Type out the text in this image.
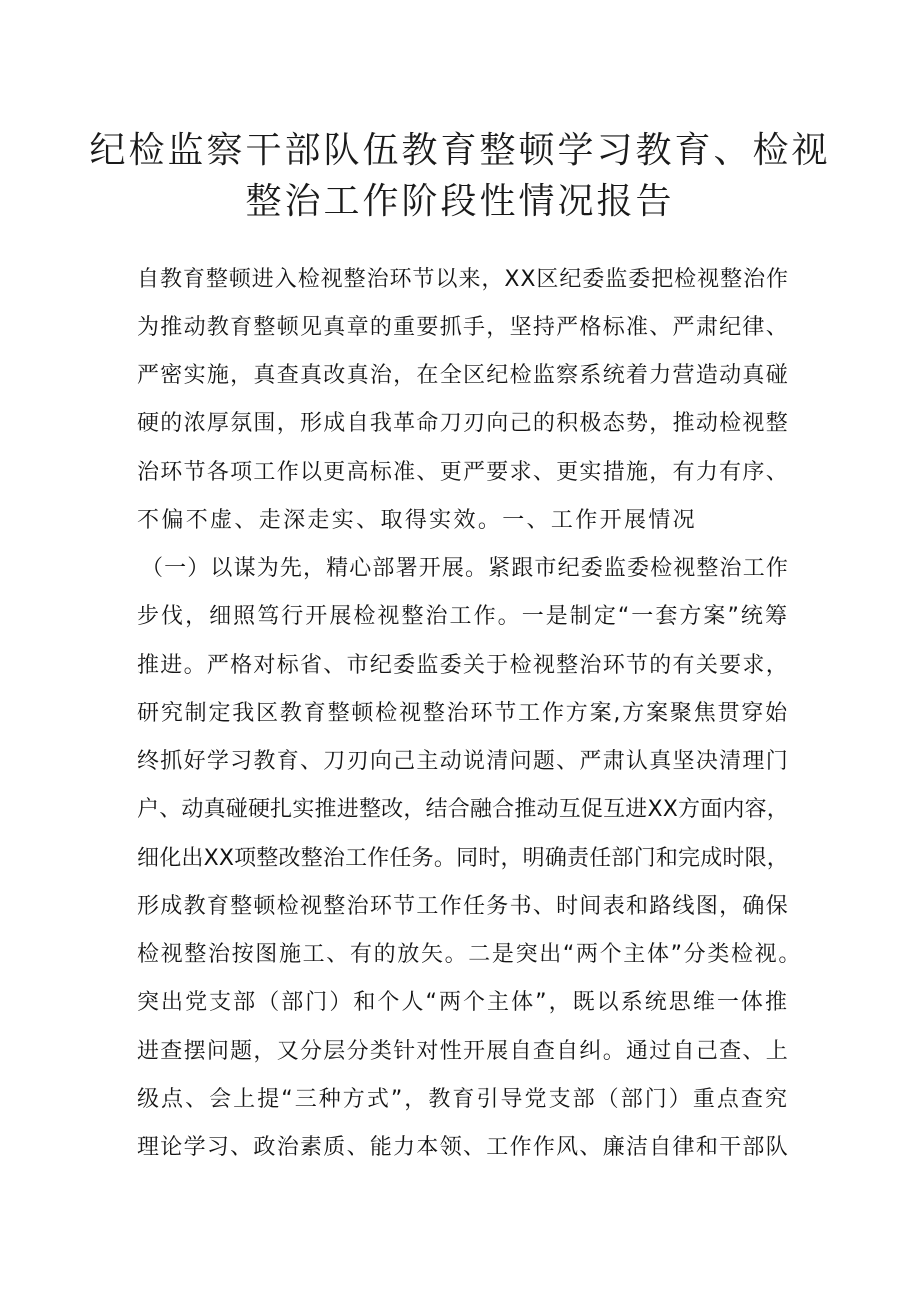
纪检监察干部队伍教育整顿学习教育、检视
整治工作阶段性情况报告
自教育整顿进入检视整治环节以来，XX区纪委监委把检视整治作
为推动教育整顿见真章的重要抓手，坚持严格标准、严肃纪律、
严密实施，真查真改真治，在全区纪检监察系统着力营造动真碰
硬的浓厚氛围，形成自我革命刀刃向己的积极态势，推动检视整
治环节各项工作以更高标准、更严要求、更实措施，有力有序、
不偏不虚、走深走实、取得实效。一、工作开展情况
（一）以谋为先，精心部署开展。紧跟市纪委监委检视整治工作
步伐，细照笃行开展检视整治工作。一是制定“一套方案”统筹
推进。严格对标省、市纪委监委关于检视整治环节的有关要求，
研究制定我区教育整顿检视整治环节工作方案,方案聚焦贯穿始
终抓好学习教育、刀刃向己主动说清问题、严肃认真坚决清理门
户、动真碰硬扎实推进整改，结合融合推动互促互进XX方面内容，
细化出XX项整改整治工作任务。同时，明确责任部门和完成时限，
形成教育整顿检视整治环节工作任务书、时间表和路线图，确保
检视整治按图施工、有的放矢。二是突出“两个主体”分类检视。
突出党支部（部门）和个人“两个主体”，既以系统思维一体推
进查摆问题，又分层分类针对性开展自查自纠。通过自己查、上
级点、会上提“三种方式”，教育引导党支部（部门）重点查究
理论学习、政治素质、能力本领、工作作风、廉洁自律和干部队
